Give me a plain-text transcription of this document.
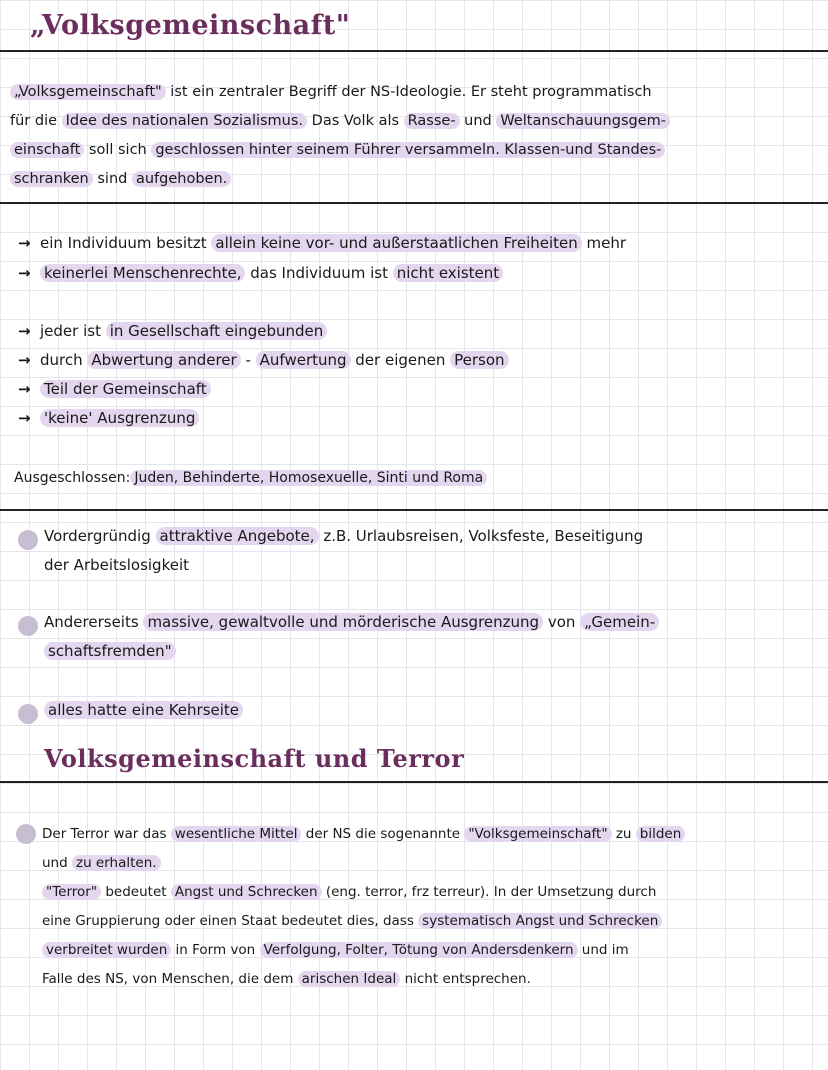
„Volksgemeinschaft"
„Volksgemeinschaft" ist ein zentraler Begriff der NS-Ideologie. Er steht programmatisch
für die Idee des nationalen Sozialismus. Das Volk als Rasse- und Weltanschauungsgem-
einschaft soll sich geschlossen hinter seinem Führer versammeln. Klassen-und Standes-
schranken sind aufgehoben.
→ ein Individuum besitzt allein keine vor- und außerstaatlichen Freiheiten mehr
→ keinerlei Menschenrechte, das Individuum ist nicht existent
→ jeder ist in Gesellschaft eingebunden
→ durch Abwertung anderer - Aufwertung der eigenen Person
→ Teil der Gemeinschaft
→ 'keine' Ausgrenzung
Ausgeschlossen: Juden, Behinderte, Homosexuelle, Sinti und Roma
Vordergründig attraktive Angebote, z.B. Urlaubsreisen, Volksfeste, Beseitigung
der Arbeitslosigkeit
Andererseits massive, gewaltvolle und mörderische Ausgrenzung von „Gemein-
schaftsfremden"
alles hatte eine Kehrseite
Volksgemeinschaft und Terror
Der Terror war das wesentliche Mittel der NS die sogenannte "Volksgemeinschaft" zu bilden
und zu erhalten.
"Terror" bedeutet Angst und Schrecken (eng. terror, frz terreur). In der Umsetzung durch
eine Gruppierung oder einen Staat bedeutet dies, dass systematisch Angst und Schrecken
verbreitet wurden in Form von Verfolgung, Folter, Tötung von Andersdenkern und im
Falle des NS, von Menschen, die dem arischen Ideal nicht entsprechen.
